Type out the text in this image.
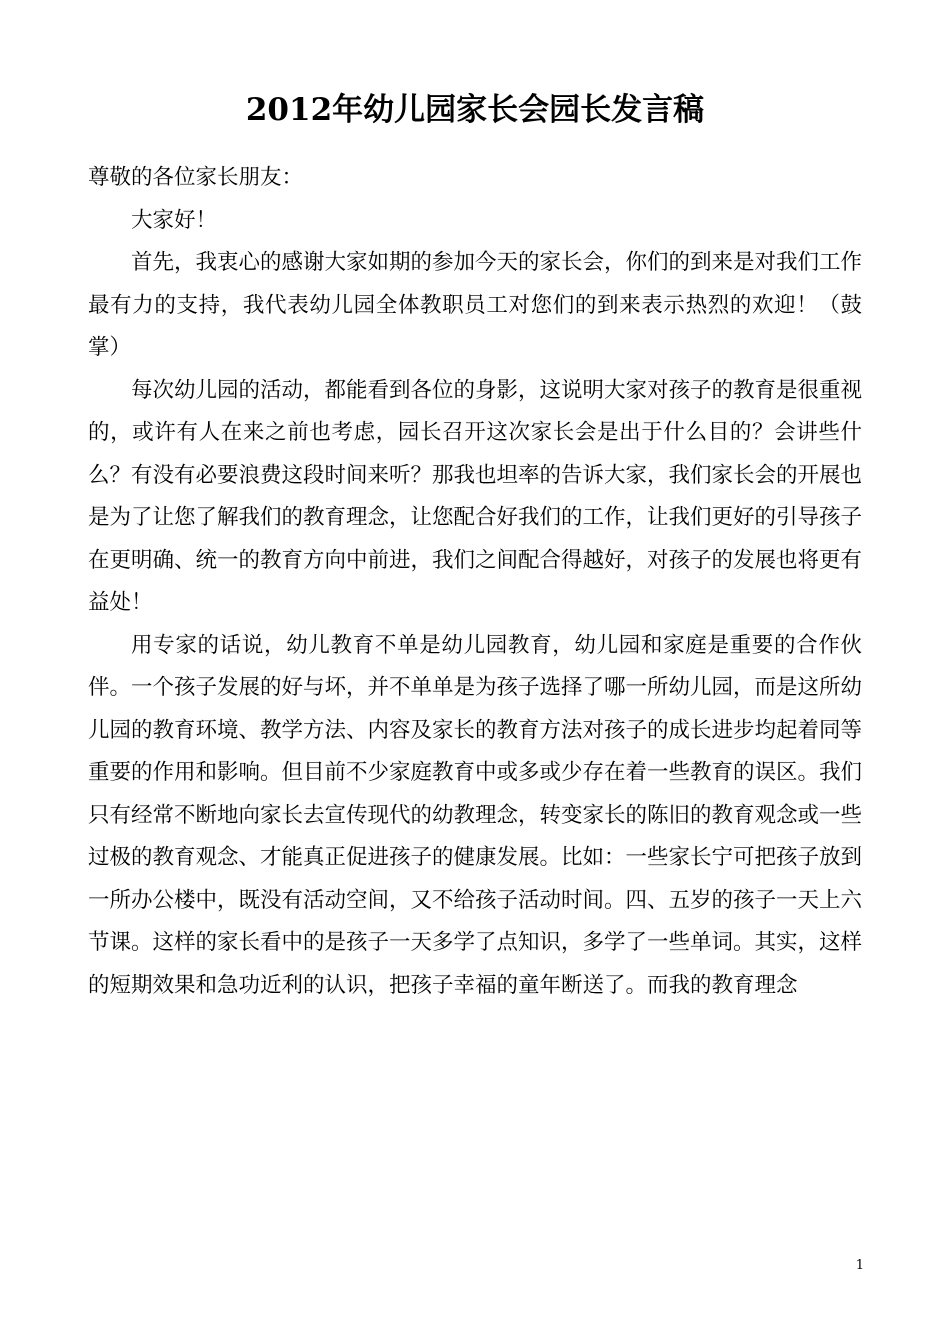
2012年幼儿园家长会园长发言稿

尊敬的各位家长朋友：

大家好！

首先，我衷心的感谢大家如期的参加今天的家长会，你们的到来是对我们工作最有力的支持，我代表幼儿园全体教职员工对您们的到来表示热烈的欢迎！（鼓掌）

每次幼儿园的活动，都能看到各位的身影，这说明大家对孩子的教育是很重视的，或许有人在来之前也考虑，园长召开这次家长会是出于什么目的？会讲些什么？有没有必要浪费这段时间来听？那我也坦率的告诉大家，我们家长会的开展也是为了让您了解我们的教育理念，让您配合好我们的工作，让我们更好的引导孩子在更明确、统一的教育方向中前进，我们之间配合得越好，对孩子的发展也将更有益处！

用专家的话说，幼儿教育不单是幼儿园教育，幼儿园和家庭是重要的合作伙伴。一个孩子发展的好与坏，并不单单是为孩子选择了哪一所幼儿园，而是这所幼儿园的教育环境、教学方法、内容及家长的教育方法对孩子的成长进步均起着同等重要的作用和影响。但目前不少家庭教育中或多或少存在着一些教育的误区。我们只有经常不断地向家长去宣传现代的幼教理念，转变家长的陈旧的教育观念或一些过极的教育观念、才能真正促进孩子的健康发展。比如：一些家长宁可把孩子放到一所办公楼中，既没有活动空间，又不给孩子活动时间。四、五岁的孩子一天上六节课。这样的家长看中的是孩子一天多学了点知识，多学了一些单词。其实，这样的短期效果和急功近利的认识，把孩子幸福的童年断送了。而我的教育理念

1
